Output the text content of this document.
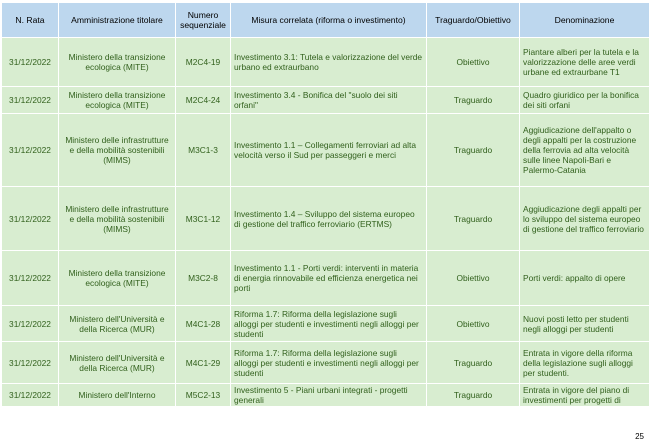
N. Rata	Amministrazione titolare	Numero sequenziale	Misura correlata (riforma o investimento)	Traguardo/Obiettivo	Denominazione
31/12/2022	Ministero della transizione ecologica (MITE)	M2C4-19	Investimento 3.1: Tutela e valorizzazione del verde urbano ed extraurbano	Obiettivo	Piantare alberi per la tutela e la valorizzazione delle aree verdi urbane ed extraurbane T1
31/12/2022	Ministero della transizione ecologica (MITE)	M2C4-24	Investimento 3.4 - Bonifica del "suolo dei siti orfani"	Traguardo	Quadro giuridico per la bonifica dei siti orfani
31/12/2022	Ministero delle infrastrutture e della mobilità sostenibili (MIMS)	M3C1-3	Investimento 1.1 – Collegamenti ferroviari ad alta velocità verso il Sud per passeggeri e merci	Traguardo	Aggiudicazione dell'appalto o degli appalti per la costruzione della ferrovia ad alta velocità sulle linee Napoli-Bari e Palermo-Catania
31/12/2022	Ministero delle infrastrutture e della mobilità sostenibili (MIMS)	M3C1-12	Investimento 1.4 – Sviluppo del sistema europeo di gestione del traffico ferroviario (ERTMS)	Traguardo	Aggiudicazione degli appalti per lo sviluppo del sistema europeo di gestione del traffico ferroviario
31/12/2022	Ministero della transizione ecologica (MITE)	M3C2-8	Investimento 1.1 - Porti verdi: interventi in materia di energia rinnovabile ed efficienza energetica nei porti	Obiettivo	Porti verdi: appalto di opere
31/12/2022	Ministero dell'Università e della Ricerca (MUR)	M4C1-28	Riforma 1.7: Riforma della legislazione sugli alloggi per studenti e investimenti negli alloggi per studenti	Obiettivo	Nuovi posti letto per studenti negli alloggi per studenti
31/12/2022	Ministero dell'Università e della Ricerca (MUR)	M4C1-29	Riforma 1.7: Riforma della legislazione sugli alloggi per studenti e investimenti negli alloggi per studenti	Traguardo	Entrata in vigore della riforma della legislazione sugli alloggi per studenti.
31/12/2022	Ministero dell'Interno	M5C2-13	Investimento 5 - Piani urbani integrati - progetti generali	Traguardo	Entrata in vigore del piano di investimenti per progetti di
25
